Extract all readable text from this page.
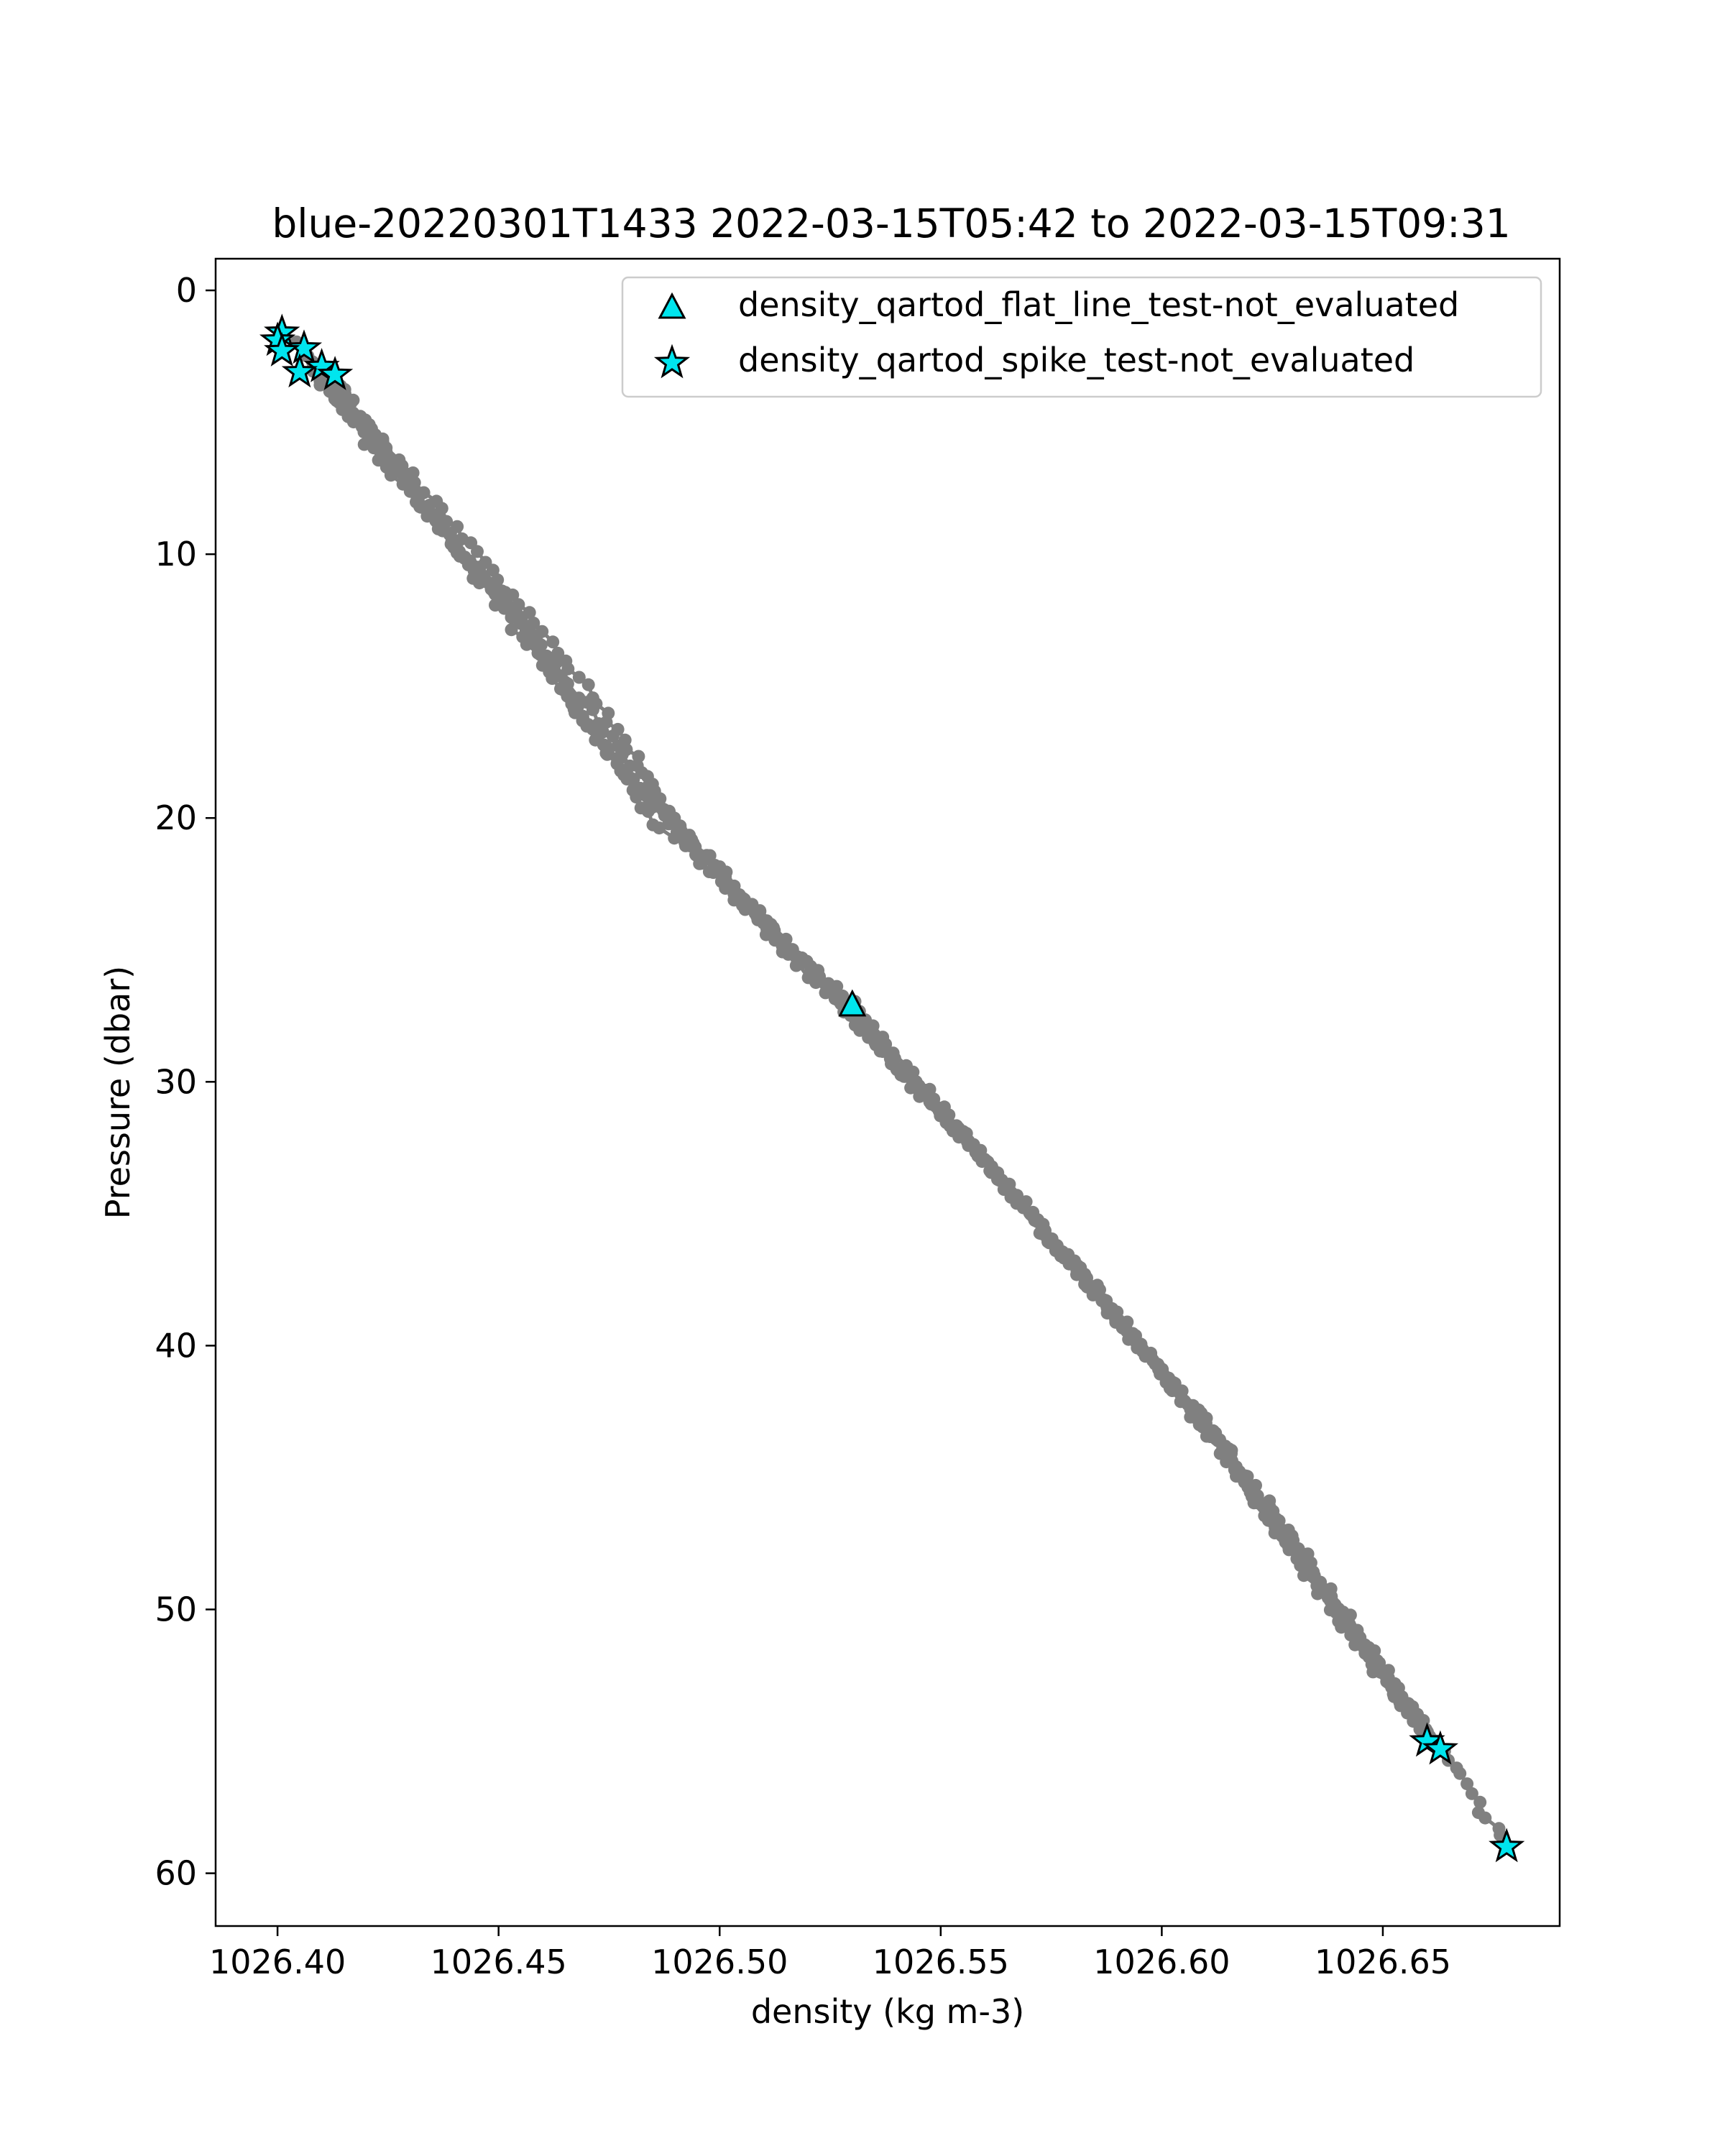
blue-20220301T1433 2022-03-15T05:42 to 2022-03-15T09:31
1026.40	1026.45	1026.50	1026.55	1026.60	1026.65
0
10
20
30
40
50
60
density (kg m-3)
Pressure (dbar)
density_qartod_flat_line_test-not_evaluated
density_qartod_spike_test-not_evaluated
